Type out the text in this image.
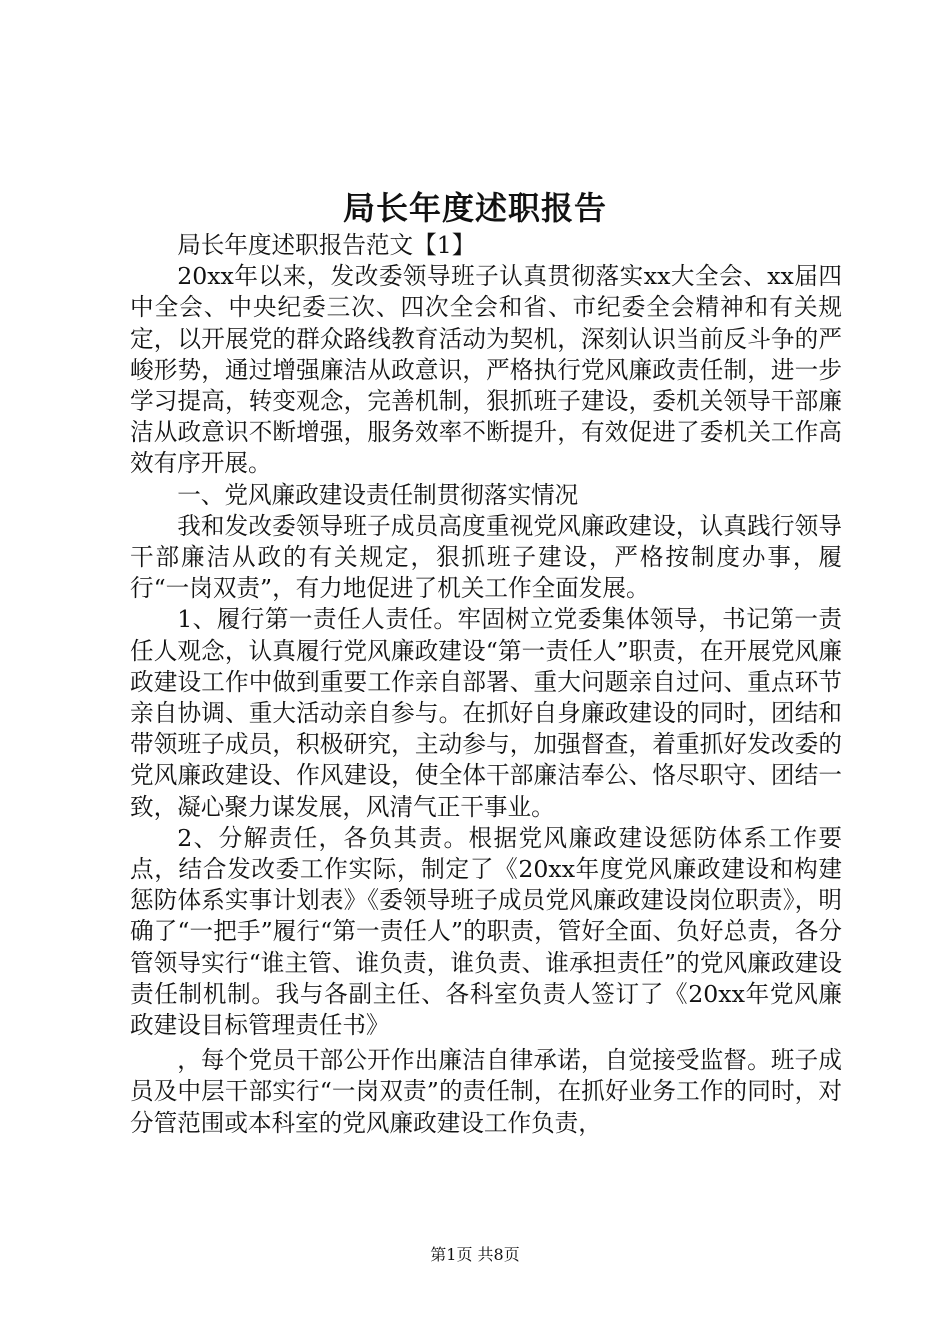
局长年度述职报告

局长年度述职报告范文【1】

20xx年以来，发改委领导班子认真贯彻落实xx大全会、xx届四中全会、中央纪委三次、四次全会和省、市纪委全会精神和有关规定，以开展党的群众路线教育活动为契机，深刻认识当前反斗争的严峻形势，通过增强廉洁从政意识，严格执行党风廉政责任制，进一步学习提高，转变观念，完善机制，狠抓班子建设，委机关领导干部廉洁从政意识不断增强，服务效率不断提升，有效促进了委机关工作高效有序开展。

一、党风廉政建设责任制贯彻落实情况

我和发改委领导班子成员高度重视党风廉政建设，认真践行领导干部廉洁从政的有关规定，狠抓班子建设，严格按制度办事，履行“一岗双责”，有力地促进了机关工作全面发展。

1、履行第一责任人责任。牢固树立党委集体领导，书记第一责任人观念，认真履行党风廉政建设“第一责任人”职责，在开展党风廉政建设工作中做到重要工作亲自部署、重大问题亲自过问、重点环节亲自协调、重大活动亲自参与。在抓好自身廉政建设的同时，团结和带领班子成员，积极研究，主动参与，加强督查，着重抓好发改委的党风廉政建设、作风建设，使全体干部廉洁奉公、恪尽职守、团结一致，凝心聚力谋发展，风清气正干事业。

2、分解责任，各负其责。根据党风廉政建设惩防体系工作要点，结合发改委工作实际，制定了《20xx年度党风廉政建设和构建惩防体系实事计划表》《委领导班子成员党风廉政建设岗位职责》，明确了“一把手”履行“第一责任人”的职责，管好全面、负好总责，各分管领导实行“谁主管、谁负责，谁负责、谁承担责任”的党风廉政建设责任制机制。我与各副主任、各科室负责人签订了《20xx年党风廉政建设目标管理责任书》

，每个党员干部公开作出廉洁自律承诺，自觉接受监督。班子成员及中层干部实行“一岗双责”的责任制，在抓好业务工作的同时，对分管范围或本科室的党风廉政建设工作负责，

第1页 共8页
